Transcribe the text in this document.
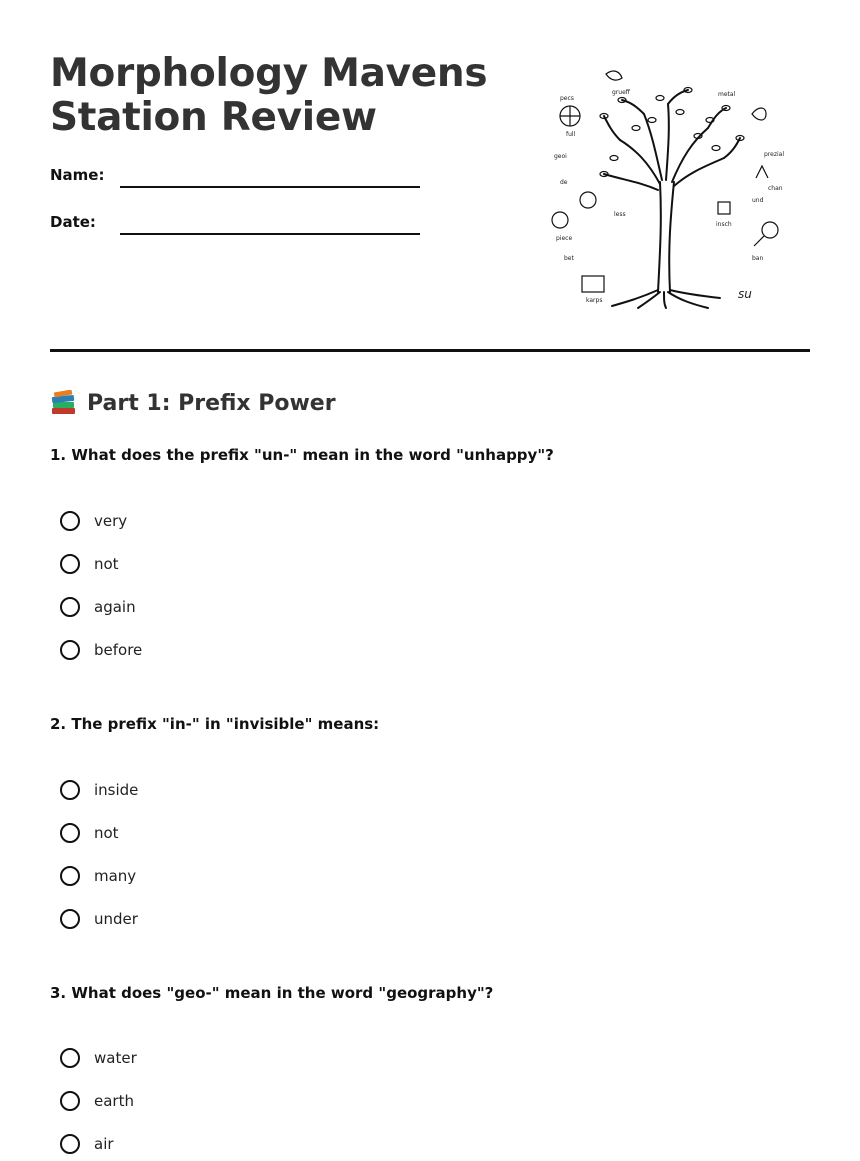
Morphology Mavens
Station Review
Name:
Date:
pecs
full
grueff	metal
prezial
geoi
de
chan
und
less
insch
piece
bet	ban
karps	su
Part 1: Prefix Power
1. What does the prefix "un-" mean in the word "unhappy"?
very
not
again
before
2. The prefix "in-" in "invisible" means:
inside
not
many
under
3. What does "geo-" mean in the word "geography"?
water
earth
air
